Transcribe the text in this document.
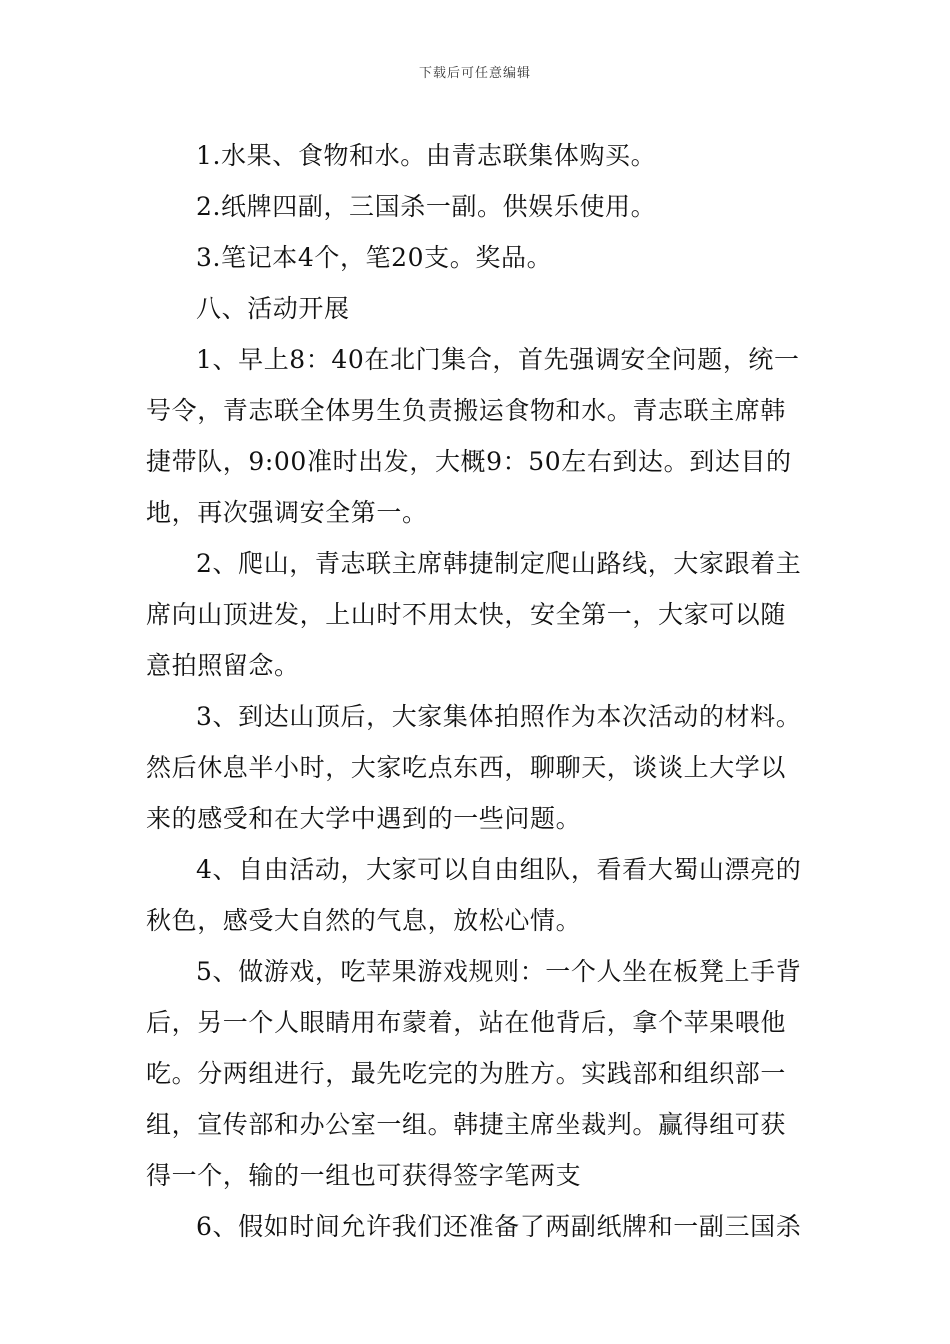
下载后可任意编辑
1.水果、食物和水。由青志联集体购买。
2.纸牌四副，三国杀一副。供娱乐使用。
3.笔记本4个，笔20支。奖品。
八、活动开展
1、早上8：40在北门集合，首先强调安全问题，统一
号令，青志联全体男生负责搬运食物和水。青志联主席韩
捷带队，9:00准时出发，大概9：50左右到达。到达目的
地，再次强调安全第一。
2、爬山，青志联主席韩捷制定爬山路线，大家跟着主
席向山顶进发，上山时不用太快，安全第一，大家可以随
意拍照留念。
3、到达山顶后，大家集体拍照作为本次活动的材料。
然后休息半小时，大家吃点东西，聊聊天，谈谈上大学以
来的感受和在大学中遇到的一些问题。
4、自由活动，大家可以自由组队，看看大蜀山漂亮的
秋色，感受大自然的气息，放松心情。
5、做游戏，吃苹果游戏规则：一个人坐在板凳上手背
后，另一个人眼睛用布蒙着，站在他背后，拿个苹果喂他
吃。分两组进行，最先吃完的为胜方。实践部和组织部一
组，宣传部和办公室一组。韩捷主席坐裁判。赢得组可获
得一个，输的一组也可获得签字笔两支
6、假如时间允许我们还准备了两副纸牌和一副三国杀
